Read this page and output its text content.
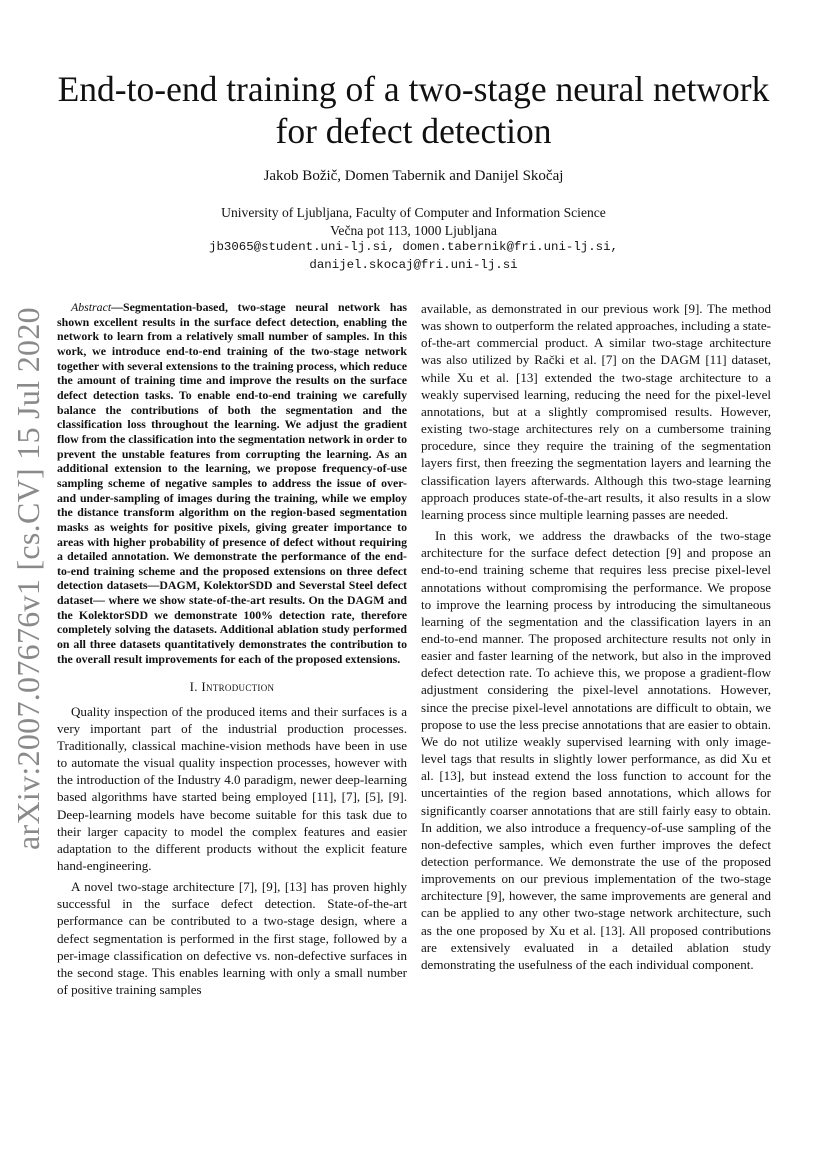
End-to-end training of a two-stage neural network for defect detection
Jakob Božič, Domen Tabernik and Danijel Skočaj
University of Ljubljana, Faculty of Computer and Information Science
Večna pot 113, 1000 Ljubljana
jb3065@student.uni-lj.si, domen.tabernik@fri.uni-lj.si,
danijel.skocaj@fri.uni-lj.si
arXiv:2007.07676v1 [cs.CV] 15 Jul 2020

Abstract—Segmentation-based, two-stage neural network has shown excellent results in the surface defect detection, enabling the network to learn from a relatively small number of samples. In this work, we introduce end-to-end training of the two-stage network together with several extensions to the training process, which reduce the amount of training time and improve the results on the surface defect detection tasks. To enable end-to-end training we carefully balance the contributions of both the segmentation and the classification loss throughout the learning. We adjust the gradient flow from the classification into the segmentation network in order to prevent the unstable features from corrupting the learning. As an additional extension to the learning, we propose frequency-of-use sampling scheme of negative samples to address the issue of over- and under-sampling of images during the training, while we employ the distance transform algorithm on the region-based segmentation masks as weights for positive pixels, giving greater importance to areas with higher probability of presence of defect without requiring a detailed annotation. We demonstrate the performance of the end-to-end training scheme and the proposed extensions on three defect detection datasets—DAGM, KolektorSDD and Severstal Steel defect dataset— where we show state-of-the-art results. On the DAGM and the KolektorSDD we demonstrate 100% detection rate, therefore completely solving the datasets. Additional ablation study performed on all three datasets quantitatively demonstrates the contribution to the overall result improvements for each of the proposed extensions.

I. Introduction

Quality inspection of the produced items and their surfaces is a very important part of the industrial production processes. Traditionally, classical machine-vision methods have been in use to automate the visual quality inspection processes, however with the introduction of the Industry 4.0 paradigm, newer deep-learning based algorithms have started being employed [11], [7], [5], [9]. Deep-learning models have become suitable for this task due to their larger capacity to model the complex features and easier adaptation to the different products without the explicit feature hand-engineering.

A novel two-stage architecture [7], [9], [13] has proven highly successful in the surface defect detection. State-of-the-art performance can be contributed to a two-stage design, where a defect segmentation is performed in the first stage, followed by a per-image classification on defective vs. non-defective surfaces in the second stage. This enables learning with only a small number of positive training samples

available, as demonstrated in our previous work [9]. The method was shown to outperform the related approaches, including a state-of-the-art commercial product. A similar two-stage architecture was also utilized by Rački et al. [7] on the DAGM [11] dataset, while Xu et al. [13] extended the two-stage architecture to a weakly supervised learning, reducing the need for the pixel-level annotations, but at a slightly compromised results. However, existing two-stage architectures rely on a cumbersome training procedure, since they require the training of the segmentation layers first, then freezing the segmentation layers and learning the classification layers afterwards. Although this two-stage learning approach produces state-of-the-art results, it also results in a slow learning process since multiple learning passes are needed.

In this work, we address the drawbacks of the two-stage architecture for the surface defect detection [9] and propose an end-to-end training scheme that requires less precise pixel-level annotations without compromising the performance. We propose to improve the learning process by introducing the simultaneous learning of the segmentation and the classification layers in an end-to-end manner. The proposed architecture results not only in easier and faster learning of the network, but also in the improved defect detection rate. To achieve this, we propose a gradient-flow adjustment considering the pixel-level annotations. However, since the precise pixel-level annotations are difficult to obtain, we propose to use the less precise annotations that are easier to obtain. We do not utilize weakly supervised learning with only image-level tags that results in slightly lower performance, as did Xu et al. [13], but instead extend the loss function to account for the uncertainties of the region based annotations, which allows for significantly coarser annotations that are still fairly easy to obtain. In addition, we also introduce a frequency-of-use sampling of the non-defective samples, which even further improves the defect detection performance. We demonstrate the use of the proposed improvements on our previous implementation of the two-stage architecture [9], however, the same improvements are general and can be applied to any other two-stage network architecture, such as the one proposed by Xu et al. [13]. All proposed contributions are extensively evaluated in a detailed ablation study demonstrating the usefulness of the each individual component.
